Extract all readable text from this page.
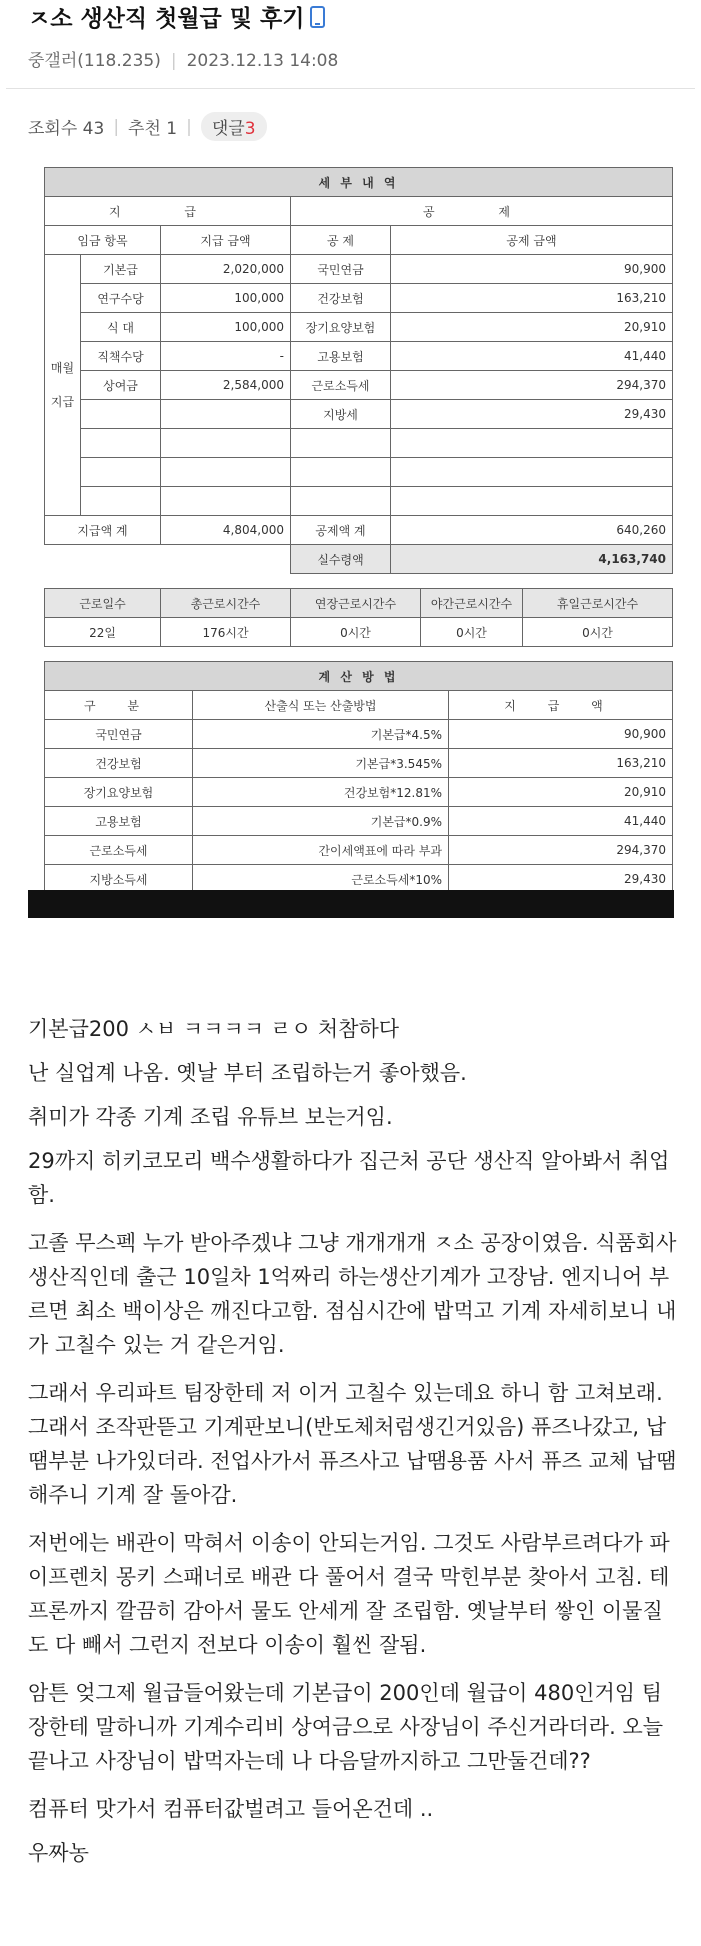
ㅈ소 생산직 첫월급 및 후기
중갤러(118.235) | 2023.12.13 14:08
조회수 43 | 추천 1 |	댓글3
세 부 내 역				
지 급			공 제	
임금 항목		지급 금액	공 제	공제 금액
매월
지급	기본급	2,020,000	국민연금	90,900
	연구수당	100,000	건강보험	163,210
	식 대	100,000	장기요양보험	20,910
	직책수당	-	고용보험	41,440
	상여금	2,584,000	근로소득세	294,370
			지방세	29,430

지급액 계		4,804,000	공제액 계	640,260
			실수령액	4,163,740

근로일수	총근로시간수	연장근로시간수	야간근로시간수	휴일근로시간수
22일	176시간	0시간	0시간	0시간

계 산 방 법		
구 분	산출식 또는 산출방법	지 급 액
국민연금	기본급*4.5%	90,900
건강보험	기본급*3.545%	163,210
장기요양보험	건강보험*12.81%	20,910
고용보험	기본급*0.9%	41,440
근로소득세	간이세액표에 따라 부과	294,370
지방소득세	근로소득세*10%	29,430

기본급200 ㅅㅂ ㅋㅋㅋㅋ ㄹㅇ 처참하다

난 실업계 나옴. 옛날 부터 조립하는거 좋아했음.

취미가 각종 기계 조립 유튜브 보는거임.

29까지 히키코모리 백수생활하다가 집근처 공단 생산직 알아봐서 취업함.

고졸 무스펙 누가 받아주겠냐 그냥 개개개개 ㅈ소 공장이였음. 식품회사 생산직인데 출근 10일차 1억짜리 하는생산기계가 고장남. 엔지니어 부르면 최소 백이상은 깨진다고함. 점심시간에 밥먹고 기계 자세히보니 내가 고칠수 있는 거 같은거임.

그래서 우리파트 팀장한테 저 이거 고칠수 있는데요 하니 함 고쳐보래. 그래서 조작판뜯고 기계판보니(반도체처럼생긴거있음) 퓨즈나갔고, 납땜부분 나가있더라. 전업사가서 퓨즈사고 납땜용품 사서 퓨즈 교체 납땜해주니 기계 잘 돌아감.

저번에는 배관이 막혀서 이송이 안되는거임. 그것도 사람부르려다가 파이프렌치 몽키 스패너로 배관 다 풀어서 결국 막힌부분 찾아서 고침. 테프론까지 깔끔히 감아서 물도 안세게 잘 조립함. 옛날부터 쌓인 이물질도 다 빼서 그런지 전보다 이송이 훨씬 잘됨.

암튼 엊그제 월급들어왔는데 기본급이 200인데 월급이 480인거임 팀장한테 말하니까 기계수리비 상여금으로 사장님이 주신거라더라. 오늘 끝나고 사장님이 밥먹자는데 나 다음달까지하고 그만둘건데??

컴퓨터 맛가서 컴퓨터값벌려고 들어온건데 ..

우짜농
